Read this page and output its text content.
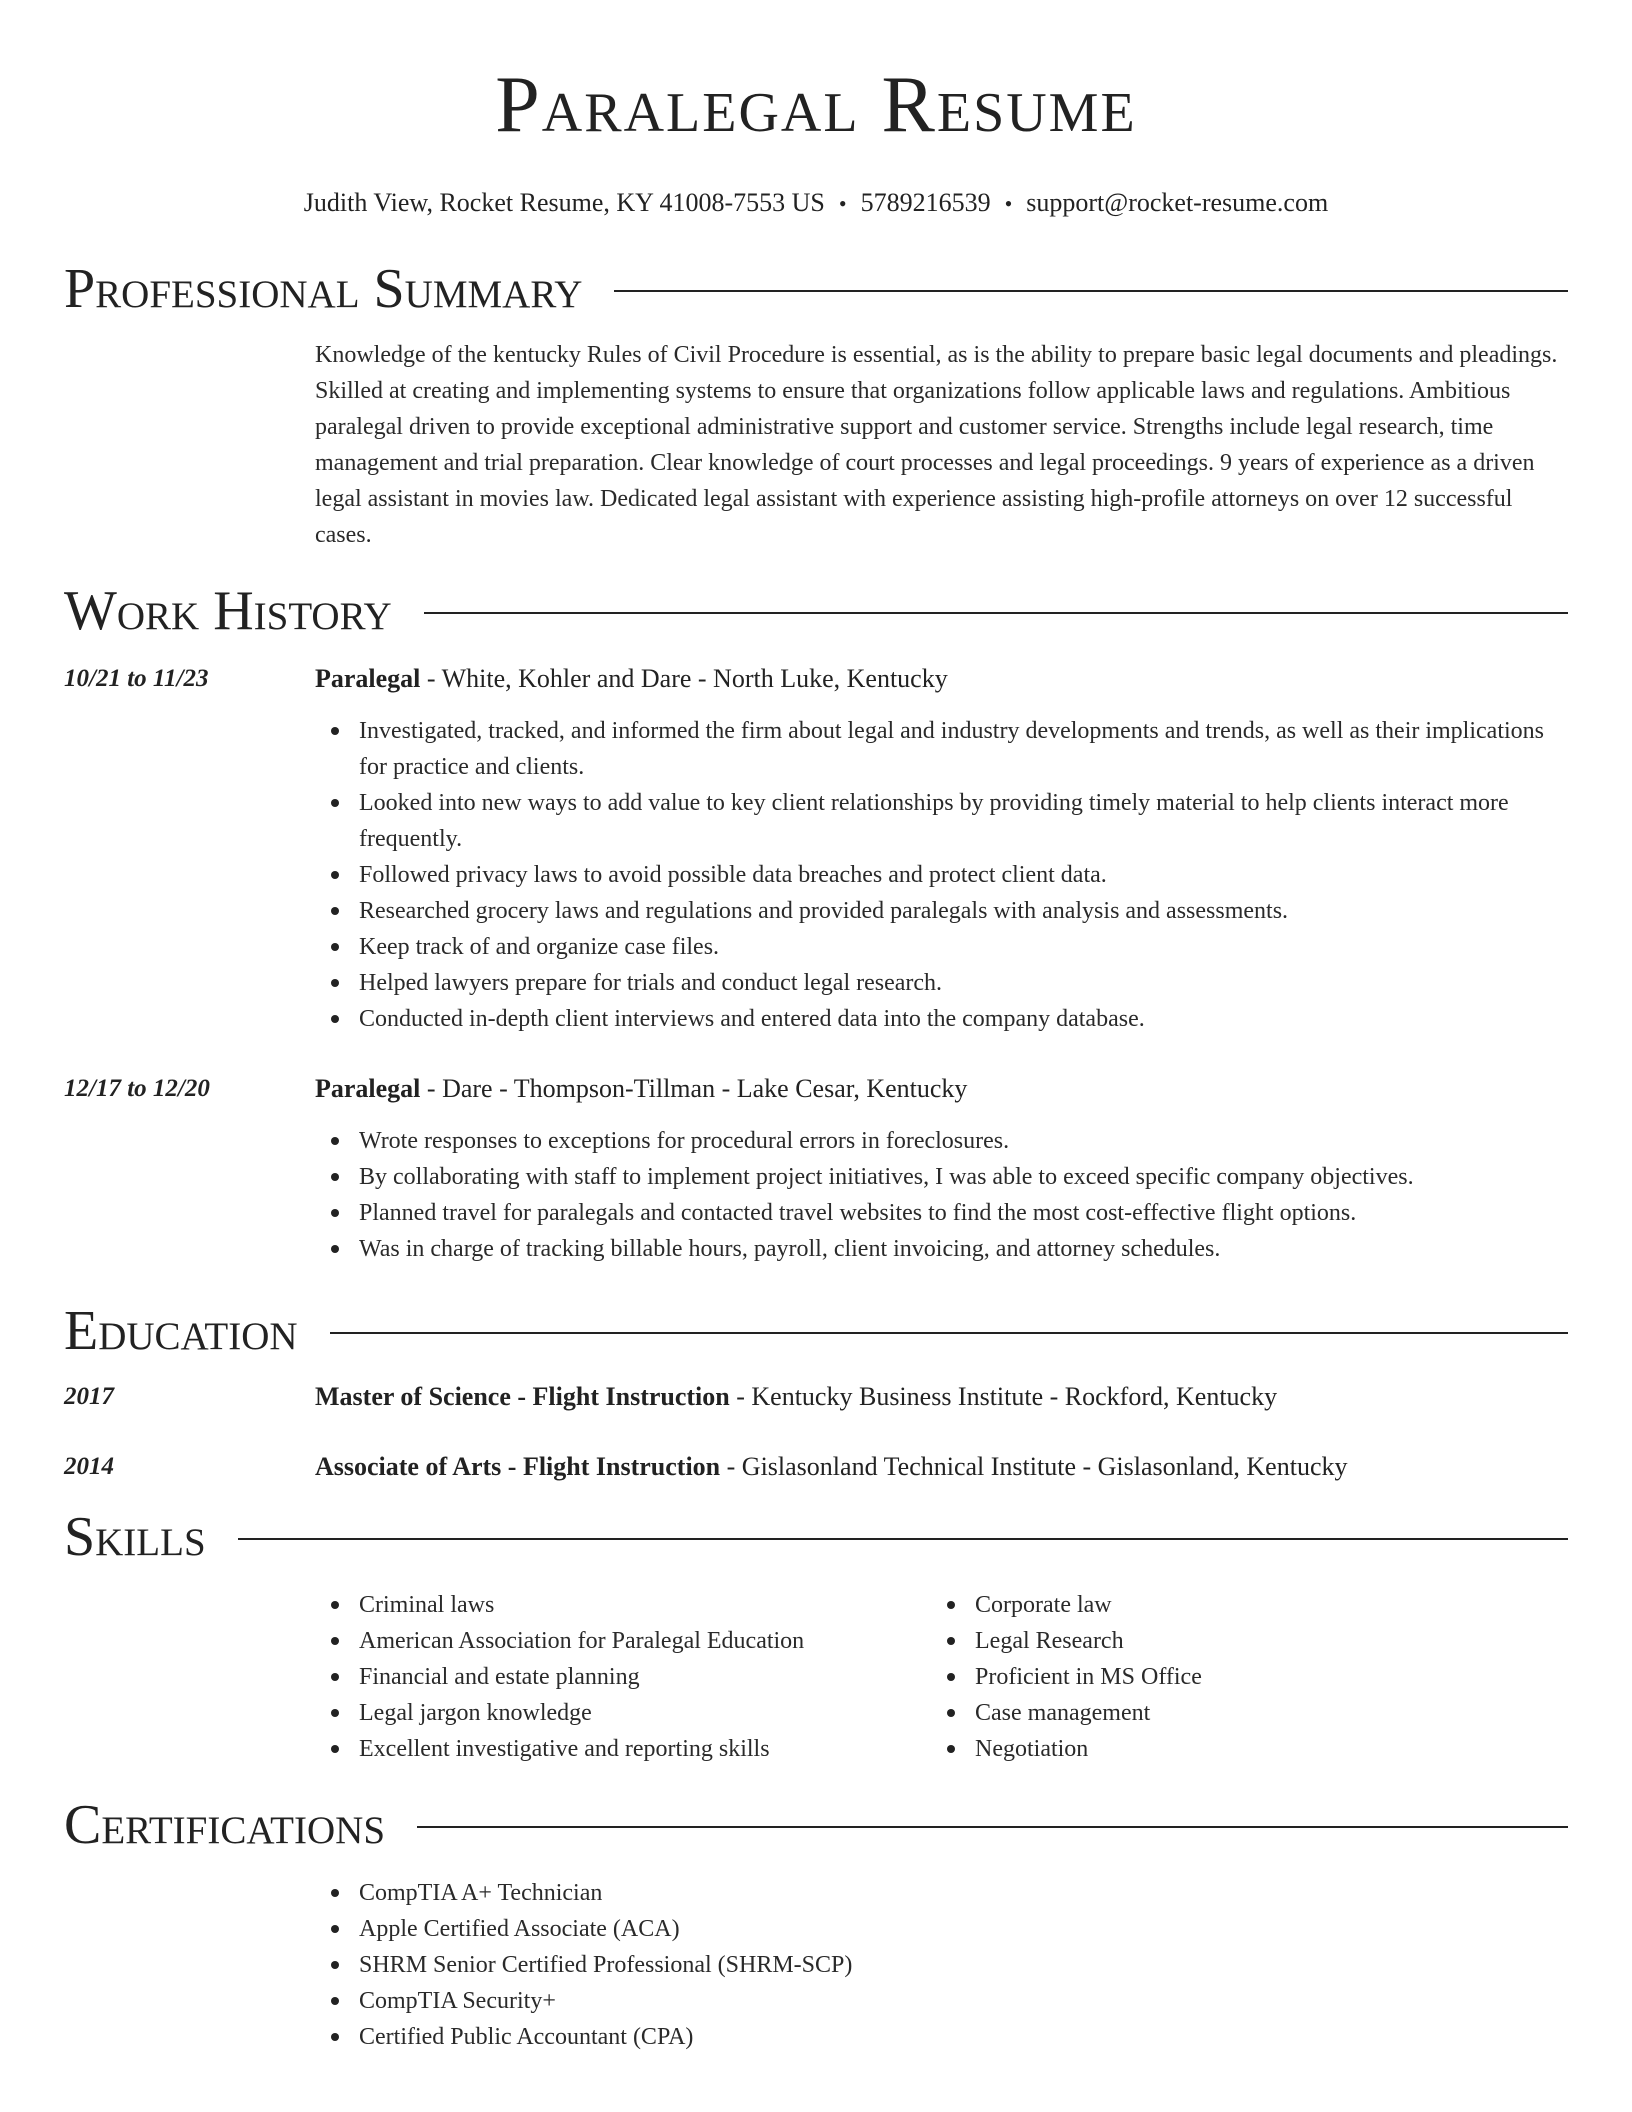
Paralegal Resume
Judith View, Rocket Resume, KY 41008-7553 US • 5789216539 • support@rocket-resume.com
Professional Summary

Knowledge of the kentucky Rules of Civil Procedure is essential, as is the ability to prepare basic legal documents and pleadings. Skilled at creating and implementing systems to ensure that organizations follow applicable laws and regulations. Ambitious paralegal driven to provide exceptional administrative support and customer service. Strengths include legal research, time management and trial preparation. Clear knowledge of court processes and legal proceedings. 9 years of experience as a driven legal assistant in movies law. Dedicated legal assistant with experience assisting high-profile attorneys on over 12 successful cases.

Work History
10/21 to 11/23	Paralegal - White, Kohler and Dare - North Luke, Kentucky
Investigated, tracked, and informed the firm about legal and industry developments and trends, as well as their implications for practice and clients.
Looked into new ways to add value to key client relationships by providing timely material to help clients interact more frequently.
Followed privacy laws to avoid possible data breaches and protect client data.
Researched grocery laws and regulations and provided paralegals with analysis and assessments.
Keep track of and organize case files.
Helped lawyers prepare for trials and conduct legal research.
Conducted in-depth client interviews and entered data into the company database.
12/17 to 12/20	Paralegal - Dare - Thompson-Tillman - Lake Cesar, Kentucky
Wrote responses to exceptions for procedural errors in foreclosures.
By collaborating with staff to implement project initiatives, I was able to exceed specific company objectives.
Planned travel for paralegals and contacted travel websites to find the most cost-effective flight options.
Was in charge of tracking billable hours, payroll, client invoicing, and attorney schedules.
Education
2017	Master of Science - Flight Instruction - Kentucky Business Institute - Rockford, Kentucky
2014	Associate of Arts - Flight Instruction - Gislasonland Technical Institute - Gislasonland, Kentucky
Skills
Criminal laws
American Association for Paralegal Education
Financial and estate planning
Legal jargon knowledge
Excellent investigative and reporting skills
Corporate law
Legal Research
Proficient in MS Office
Case management
Negotiation
Certifications
CompTIA A+ Technician
Apple Certified Associate (ACA)
SHRM Senior Certified Professional (SHRM-SCP)
CompTIA Security+
Certified Public Accountant (CPA)
